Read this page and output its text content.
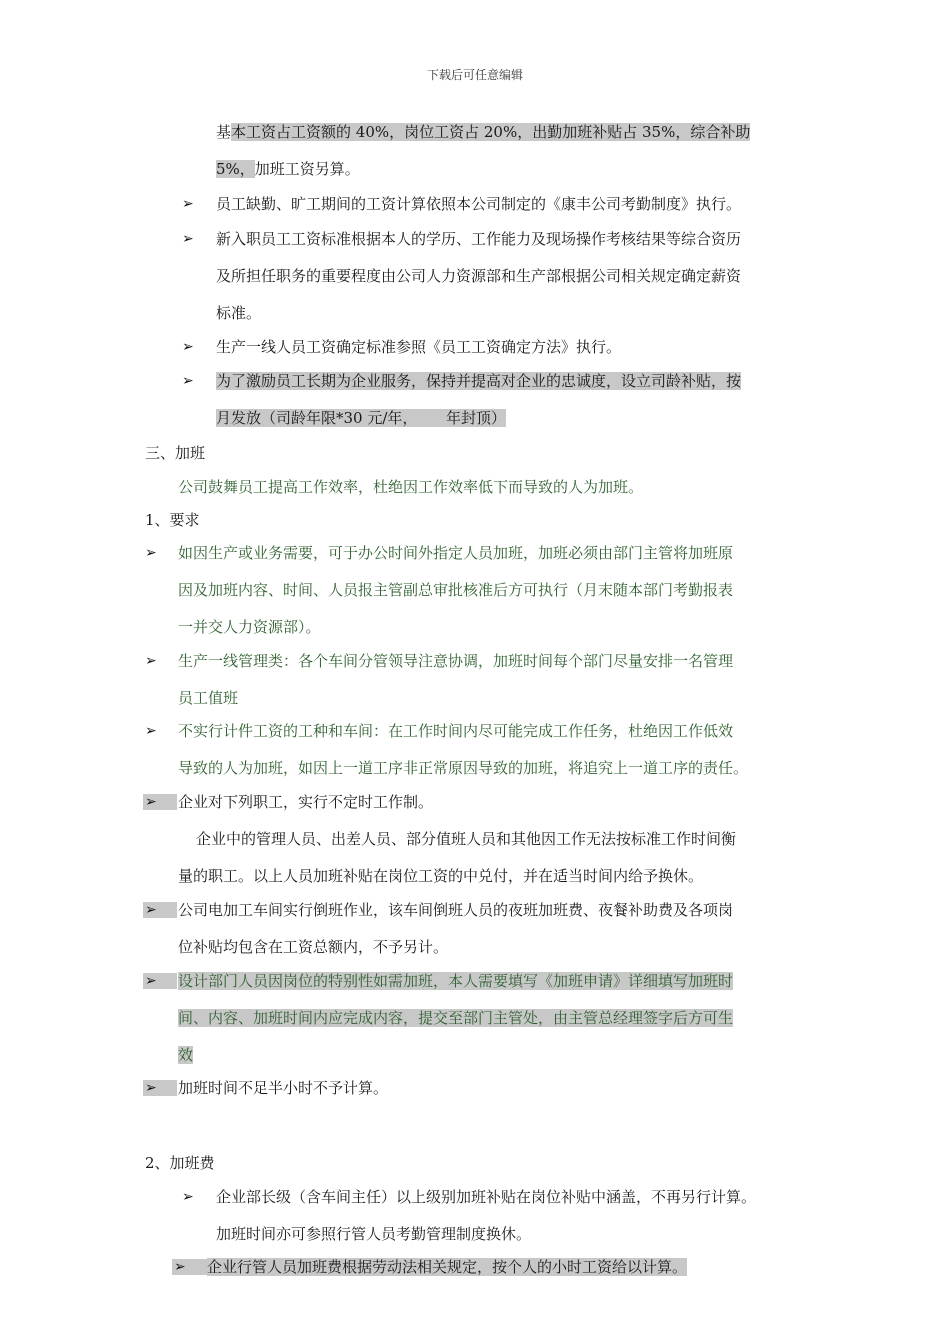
下载后可任意编辑
基本工资占工资额的 40%，岗位工资占 20%，出勤加班补贴占 35%，综合补助
5%，加班工资另算。
➢ 员工缺勤、旷工期间的工资计算依照本公司制定的《康丰公司考勤制度》执行。
➢ 新入职员工工资标准根据本人的学历、工作能力及现场操作考核结果等综合资历
及所担任职务的重要程度由公司人力资源部和生产部根据公司相关规定确定薪资
标准。
➢ 生产一线人员工资确定标准参照《员工工资确定方法》执行。
➢ 为了激励员工长期为企业服务，保持并提高对企业的忠诚度，设立司龄补贴，按
月发放（司龄年限*30 元/年，      年封顶）
三、加班
公司鼓舞员工提高工作效率，杜绝因工作效率低下而导致的人为加班。
1、要求
➢ 如因生产或业务需要，可于办公时间外指定人员加班，加班必须由部门主管将加班原
因及加班内容、时间、人员报主管副总审批核准后方可执行（月末随本部门考勤报表
一并交人力资源部）。
➢ 生产一线管理类：各个车间分管领导注意协调，加班时间每个部门尽量安排一名管理
员工值班
➢ 不实行计件工资的工种和车间：在工作时间内尽可能完成工作任务，杜绝因工作低效
导致的人为加班，如因上一道工序非正常原因导致的加班，将追究上一道工序的责任。
➢	企业对下列职工，实行不定时工作制。
企业中的管理人员、出差人员、部分值班人员和其他因工作无法按标准工作时间衡
量的职工。以上人员加班补贴在岗位工资的中兑付，并在适当时间内给予换休。
➢	公司电加工车间实行倒班作业，该车间倒班人员的夜班加班费、夜餐补助费及各项岗
位补贴均包含在工资总额内，不予另计。
➢	设计部门人员因岗位的特别性如需加班，本人需要填写《加班申请》详细填写加班时
间、内容、加班时间内应完成内容，提交至部门主管处，由主管总经理签字后方可生
效
➢	加班时间不足半小时不予计算。
2、加班费
➢ 企业部长级（含车间主任）以上级别加班补贴在岗位补贴中涵盖，不再另行计算。
加班时间亦可参照行管人员考勤管理制度换休。
➢	企业行管人员加班费根据劳动法相关规定，按个人的小时工资给以计算。
